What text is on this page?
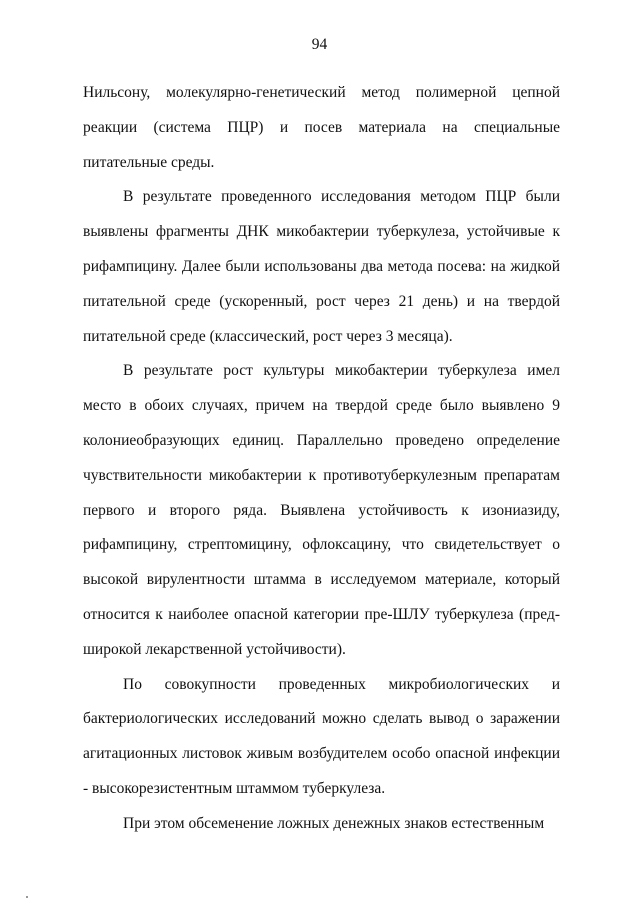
94

Нильсону, молекулярно-генетический метод полимерной цепной реакции (система ПЦР) и посев материала на специальные питательные среды.

В результате проведенного исследования методом ПЦР были выявлены фрагменты ДНК микобактерии туберкулеза, устойчивые к рифампицину. Далее были использованы два метода посева: на жидкой питательной среде (ускоренный, рост через 21 день) и на твердой питательной среде (классический, рост через 3 месяца).

В результате рост культуры микобактерии туберкулеза имел место в обоих случаях, причем на твердой среде было выявлено 9 колониеобразующих единиц. Параллельно проведено определение чувствительности микобактерии к противотуберкулезным препаратам первого и второго ряда. Выявлена устойчивость к изониазиду, рифампицину, стрептомицину, офлоксацину, что свидетельствует о высокой вирулентности штамма в исследуемом материале, который относится к наиболее опасной категории пре-ШЛУ туберкулеза (пред-широкой лекарственной устойчивости).

По совокупности проведенных микробиологических и бактериологических исследований можно сделать вывод о заражении агитационных листовок живым возбудителем особо опасной инфекции - высокорезистентным штаммом туберкулеза.

При этом обсеменение ложных денежных знаков естественным
